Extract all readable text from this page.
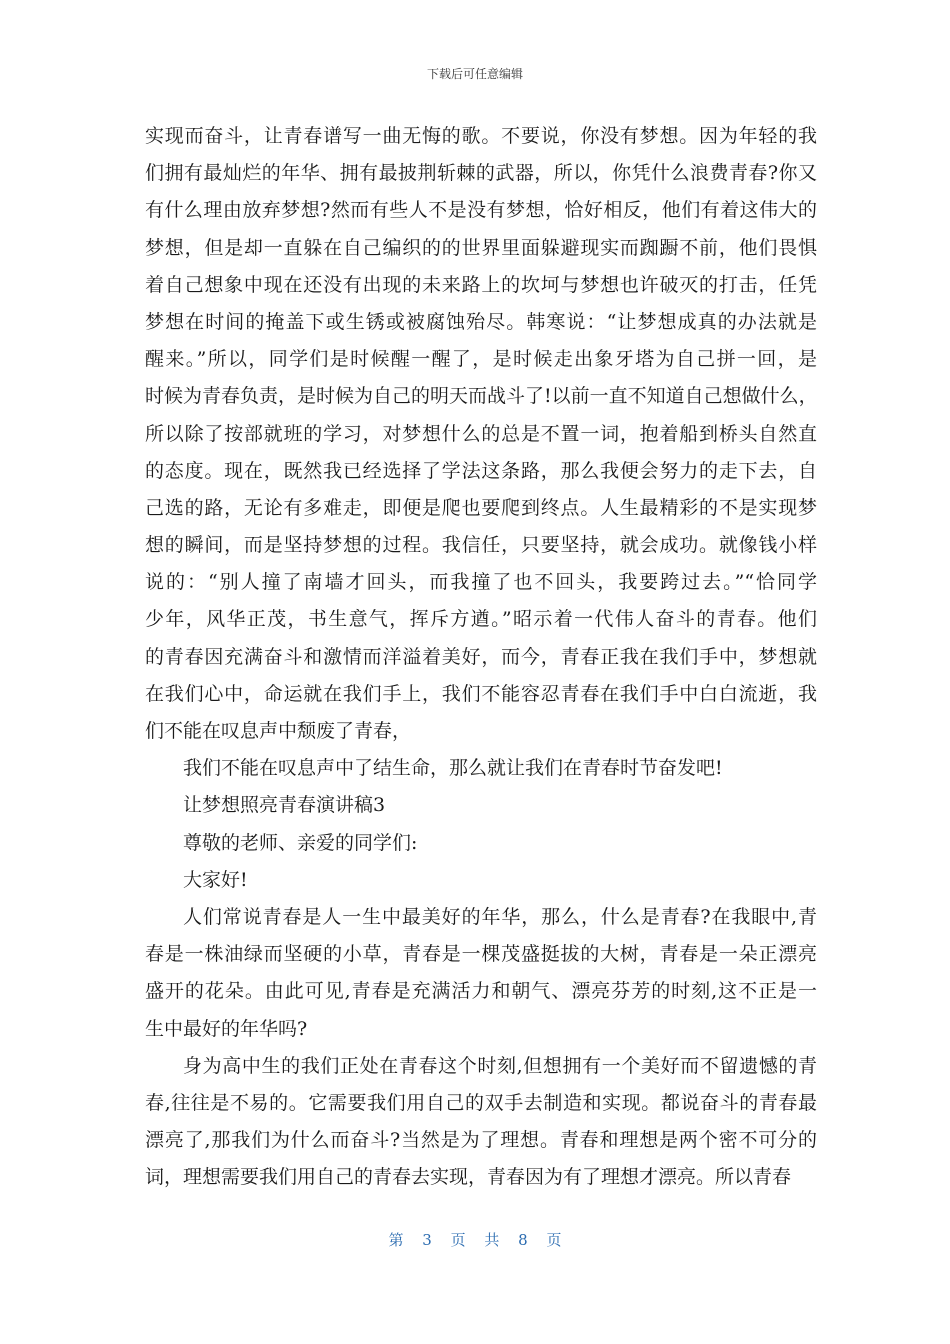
下载后可任意编辑
实现而奋斗，让青春谱写一曲无悔的歌。不要说，你没有梦想。因为年轻的我
们拥有最灿烂的年华、拥有最披荆斩棘的武器，所以，你凭什么浪费青春?你又
有什么理由放弃梦想?然而有些人不是没有梦想，恰好相反，他们有着这伟大的
梦想，但是却一直躲在自己编织的的世界里面躲避现实而踟蹰不前，他们畏惧
着自己想象中现在还没有出现的未来路上的坎坷与梦想也许破灭的打击，任凭
梦想在时间的掩盖下或生锈或被腐蚀殆尽。韩寒说：“让梦想成真的办法就是
醒来。”所以，同学们是时候醒一醒了，是时候走出象牙塔为自己拼一回，是
时候为青春负责，是时候为自己的明天而战斗了!以前一直不知道自己想做什么，
所以除了按部就班的学习，对梦想什么的总是不置一词，抱着船到桥头自然直
的态度。现在，既然我已经选择了学法这条路，那么我便会努力的走下去，自
己选的路，无论有多难走，即便是爬也要爬到终点。人生最精彩的不是实现梦
想的瞬间，而是坚持梦想的过程。我信任，只要坚持，就会成功。就像钱小样
说的：“别人撞了南墙才回头，而我撞了也不回头，我要跨过去。”“恰同学
少年，风华正茂，书生意气，挥斥方遒。”昭示着一代伟人奋斗的青春。他们
的青春因充满奋斗和激情而洋溢着美好，而今，青春正我在我们手中，梦想就
在我们心中，命运就在我们手上，我们不能容忍青春在我们手中白白流逝，我
们不能在叹息声中颓废了青春，
我们不能在叹息声中了结生命，那么就让我们在青春时节奋发吧!
让梦想照亮青春演讲稿3
尊敬的老师、亲爱的同学们:
大家好!
人们常说青春是人一生中最美好的年华，那么，什么是青春?在我眼中,青
春是一株油绿而坚硬的小草，青春是一棵茂盛挺拔的大树，青春是一朵正漂亮
盛开的花朵。由此可见,青春是充满活力和朝气、漂亮芬芳的时刻,这不正是一
生中最好的年华吗?
身为高中生的我们正处在青春这个时刻,但想拥有一个美好而不留遗憾的青
春,往往是不易的。它需要我们用自己的双手去制造和实现。都说奋斗的青春最
漂亮了,那我们为什么而奋斗?当然是为了理想。青春和理想是两个密不可分的
词，理想需要我们用自己的青春去实现，青春因为有了理想才漂亮。所以青春
第 3 页 共 8 页
